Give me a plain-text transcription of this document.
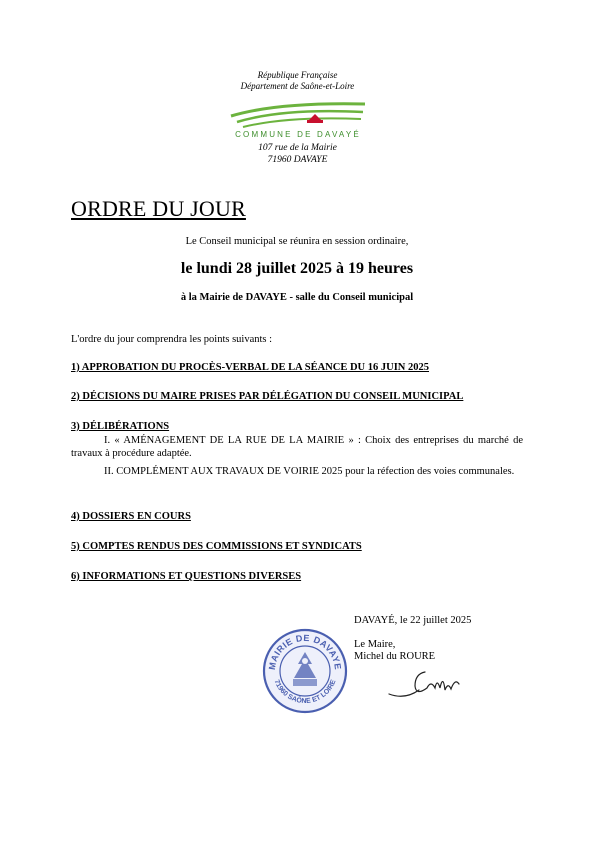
République Française
Département de Saône-et-Loire
COMMUNE DE DAVAYÉ
107 rue de la Mairie
71960 DAVAYE
ORDRE DU JOUR
Le Conseil municipal se réunira en session ordinaire,
le lundi 28 juillet 2025 à 19 heures
à la Mairie de DAVAYE - salle du Conseil municipal
L'ordre du jour comprendra les points suivants :
1) APPROBATION DU PROCÈS-VERBAL DE LA SÉANCE DU 16 JUIN 2025
2) DÉCISIONS DU MAIRE PRISES PAR DÉLÉGATION DU CONSEIL MUNICIPAL
3) DÉLIBÉRATIONS
I. « AMÉNAGEMENT DE LA RUE DE LA MAIRIE » : Choix des entreprises du marché de travaux à procédure adaptée.
II. COMPLÉMENT AUX TRAVAUX DE VOIRIE 2025 pour la réfection des voies communales.
4) DOSSIERS EN COURS
5) COMPTES RENDUS DES COMMISSIONS ET SYNDICATS
6) INFORMATIONS ET QUESTIONS DIVERSES
DAVAYÉ, le 22 juillet 2025
Le Maire,
Michel du ROURE
MAIRIE DE DAVAYE
71960 SAÔNE ET LOIRE
